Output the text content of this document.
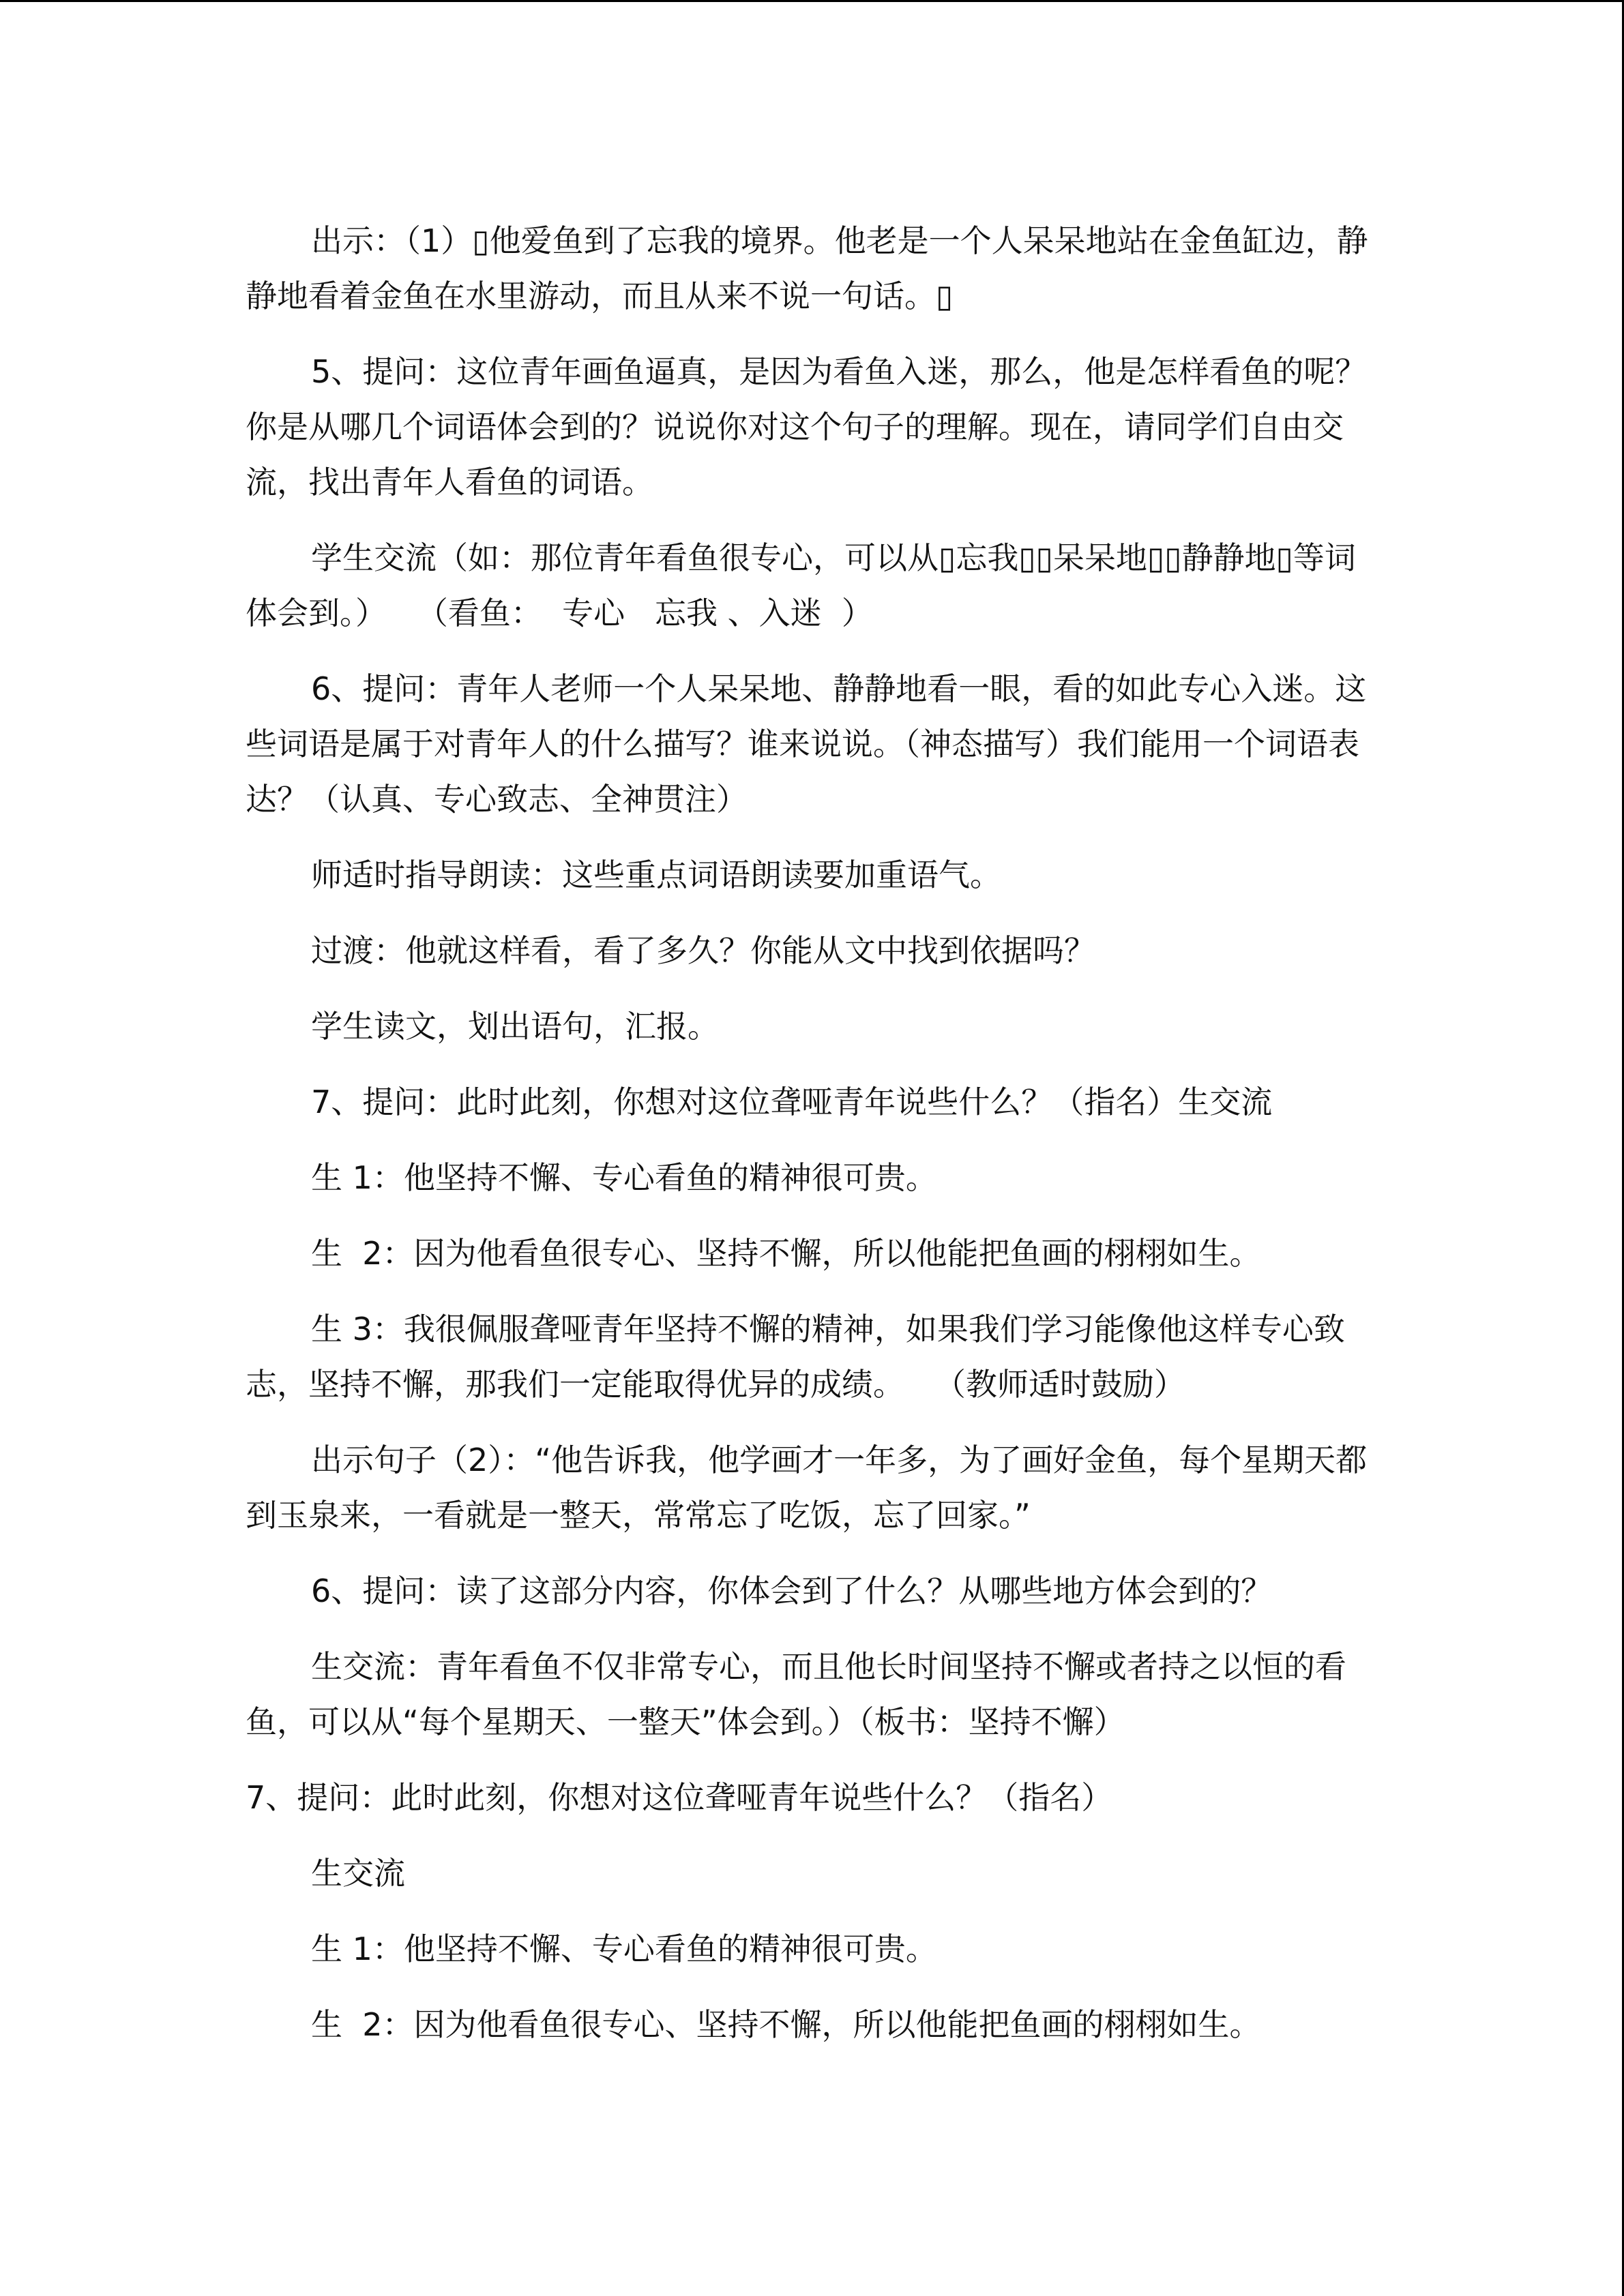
出示：（1）▯他爱鱼到了忘我的境界。他老是一个人呆呆地站在金鱼缸边，静静地看着金鱼在水里游动，而且从来不说一句话。▯

5、提问：这位青年画鱼逼真，是因为看鱼入迷，那么，他是怎样看鱼的呢？你是从哪几个词语体会到的？说说你对这个句子的理解。现在，请同学们自由交流，找出青年人看鱼的词语。

学生交流（如：那位青年看鱼很专心，可以从▯忘我▯▯呆呆地▯▯静静地▯等词体会到。）   （看鱼：  专心   忘我 、入迷  ）

6、提问：青年人老师一个人呆呆地、静静地看一眼，看的如此专心入迷。这些词语是属于对青年人的什么描写？谁来说说。（神态描写）我们能用一个词语表达？（认真、专心致志、全神贯注）

师适时指导朗读：这些重点词语朗读要加重语气。

过渡：他就这样看，看了多久？你能从文中找到依据吗？

学生读文，划出语句，汇报。

7、提问：此时此刻，你想对这位聋哑青年说些什么？（指名）生交流

生 1：他坚持不懈、专心看鱼的精神很可贵。

生  2：因为他看鱼很专心、坚持不懈，所以他能把鱼画的栩栩如生。

生 3：我很佩服聋哑青年坚持不懈的精神，如果我们学习能像他这样专心致志，坚持不懈，那我们一定能取得优异的成绩。   （教师适时鼓励）

出示句子（2）：“他告诉我，他学画才一年多，为了画好金鱼，每个星期天都到玉泉来，一看就是一整天，常常忘了吃饭，忘了回家。”

6、提问：读了这部分内容，你体会到了什么？从哪些地方体会到的？

生交流：青年看鱼不仅非常专心，而且他长时间坚持不懈或者持之以恒的看鱼，可以从“每个星期天、一整天”体会到。）（板书：坚持不懈）

7、提问：此时此刻，你想对这位聋哑青年说些什么？（指名）

生交流

生 1：他坚持不懈、专心看鱼的精神很可贵。

生  2：因为他看鱼很专心、坚持不懈，所以他能把鱼画的栩栩如生。
